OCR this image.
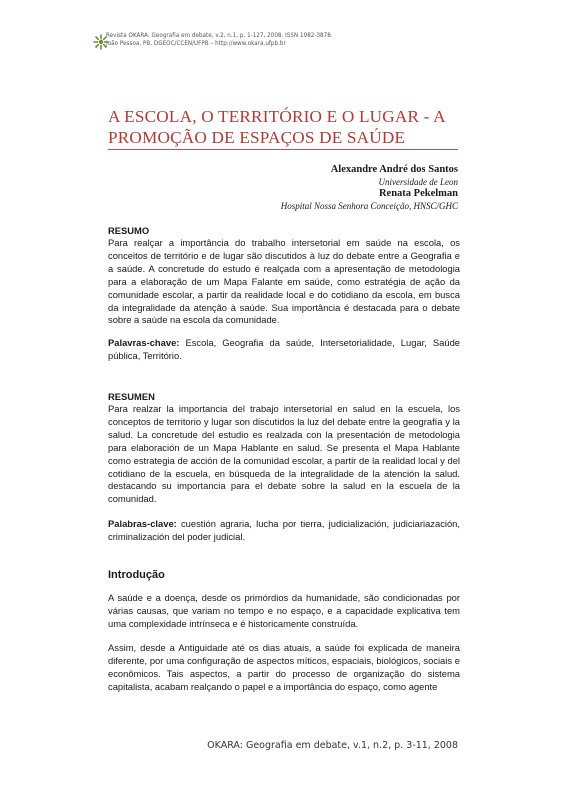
Revista OKARA: Geografia em debate, v.2, n.1, p. 1-127, 2008. ISSN 1982-3878.
João Pessoa, PB, DGEOC/CCEN/UFPB – http://www.okara.ufpb.br
A ESCOLA, O TERRITÓRIO E O LUGAR - A PROMOÇÃO DE ESPAÇOS DE SAÚDE
Alexandre André dos Santos
Universidade de Leon
Renata Pekelman
Hospital Nossa Senhora Conceição, HNSC/GHC
RESUMO
Para realçar a importância do trabalho intersetorial em saúde na escola, os conceitos de território e de lugar são discutidos à luz do debate entre a Geografia e a saúde. A concretude do estudo é realçada com a apresentação de metodologia para a elaboração de um Mapa Falante em saúde, como estratégia de ação da comunidade escolar, a partir da realidade local e do cotidiano da escola, em busca da integralidade da atenção à saúde. Sua importância é destacada para o debate sobre a saúde na escola da comunidade.
Palavras-chave: Escola, Geografia da saúde, Intersetorialidade, Lugar, Saúde pública, Território.
RESUMEN
Para realzar la importancia del trabajo intersetorial en salud en la escuela, los conceptos de territorio y lugar son discutidos la luz del debate entre la geografía y la salud. La concretude del estudio es realzada con la presentación de metodologia para elaboración de un Mapa Hablante en salud. Se presenta el Mapa Hablante como estrategia de acción de la comunidad escolar, a partir de la realidad local y del cotidiano de la escuela, en búsqueda de la integralidade de la atención la salud. destacando su importancia para el debate sobre la salud en la escuela de la comunidad.
Palabras-clave: cuestión agraria, lucha por tierra, judicialización, judiciariazación, criminalización del poder judicial.
Introdução
A saúde e a doença, desde os primórdios da humanidade, são condicionadas por várias causas, que variam no tempo e no espaço, e a capacidade explicativa tem uma complexidade intrínseca e é historicamente construída.
Assim, desde a Antiguidade até os dias atuais, a saúde foi explicada de maneira diferente, por uma configuração de aspectos míticos, espaciais, biológicos, sociais e econômicos. Tais aspectos, a partir do processo de organização do sistema capitalista, acabam realçando o papel e a importância do espaço, como agente
OKARA: Geografia em debate, v.1, n.2, p. 3-11, 2008
